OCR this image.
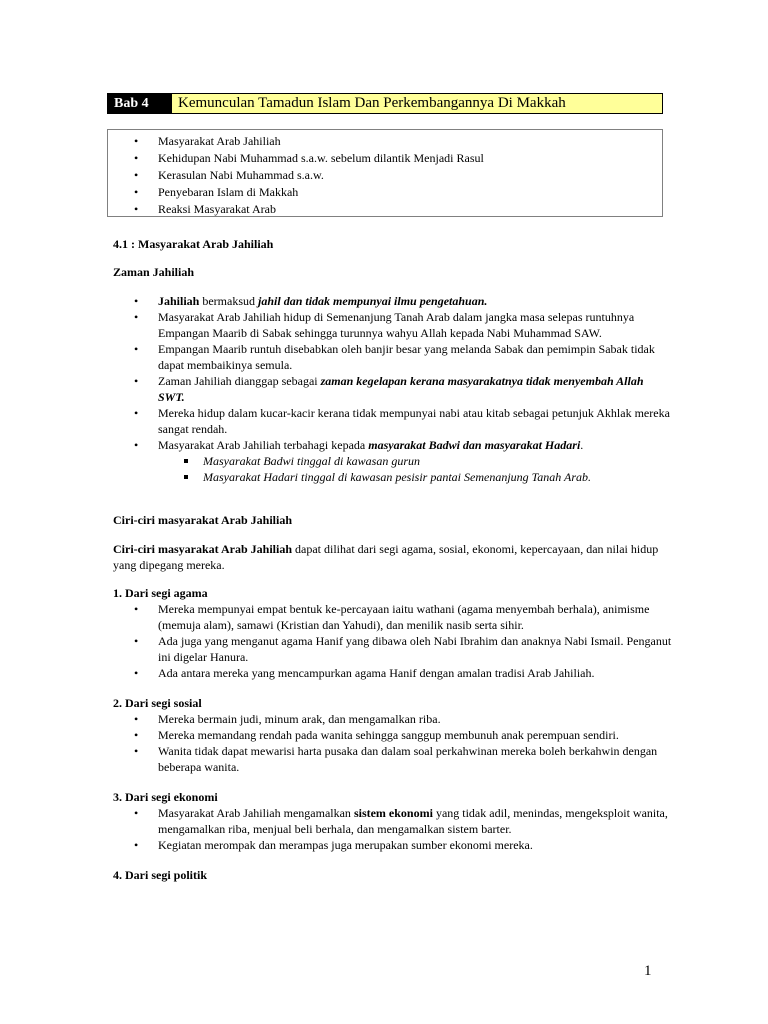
Bab 4	Kemunculan Tamadun Islam Dan Perkembangannya Di Makkah
• Masyarakat Arab Jahiliah
• Kehidupan Nabi Muhammad s.a.w. sebelum dilantik Menjadi Rasul
• Kerasulan Nabi Muhammad s.a.w.
• Penyebaran Islam di Makkah
• Reaksi Masyarakat Arab
4.1 : Masyarakat Arab Jahiliah
Zaman Jahiliah
• Jahiliah bermaksud jahil dan tidak mempunyai ilmu pengetahuan.
• Masyarakat Arab Jahiliah hidup di Semenanjung Tanah Arab dalam jangka masa selepas runtuhnya Empangan Maarib di Sabak sehingga turunnya wahyu Allah kepada Nabi Muhammad SAW.
• Empangan Maarib runtuh disebabkan oleh banjir besar yang melanda Sabak dan pemimpin Sabak tidak dapat membaikinya semula.
• Zaman Jahiliah dianggap sebagai zaman kegelapan kerana masyarakatnya tidak menyembah Allah SWT.
• Mereka hidup dalam kucar-kacir kerana tidak mempunyai nabi atau kitab sebagai petunjuk Akhlak mereka sangat rendah.
• Masyarakat Arab Jahiliah terbahagi kepada masyarakat Badwi dan masyarakat Hadari.
Masyarakat Badwi tinggal di kawasan gurun
Masyarakat Hadari tinggal di kawasan pesisir pantai Semenanjung Tanah Arab.
Ciri-ciri masyarakat Arab Jahiliah

Ciri-ciri masyarakat Arab Jahiliah dapat dilihat dari segi agama, sosial, ekonomi, kepercayaan, dan nilai hidup yang dipegang mereka.

1. Dari segi agama
• Mereka mempunyai empat bentuk ke-percayaan iaitu wathani (agama menyembah berhala), animisme (memuja alam), samawi (Kristian dan Yahudi), dan menilik nasib serta sihir.
• Ada juga yang menganut agama Hanif yang dibawa oleh Nabi Ibrahim dan anaknya Nabi Ismail. Penganut ini digelar Hanura.
• Ada antara mereka yang mencampurkan agama Hanif dengan amalan tradisi Arab Jahiliah.
2. Dari segi sosial
• Mereka bermain judi, minum arak, dan mengamalkan riba.
• Mereka memandang rendah pada wanita sehingga sanggup membunuh anak perempuan sendiri.
• Wanita tidak dapat mewarisi harta pusaka dan dalam soal perkahwinan mereka boleh berkahwin dengan beberapa wanita.
3. Dari segi ekonomi
• Masyarakat Arab Jahiliah mengamalkan sistem ekonomi yang tidak adil, menindas, mengeksploit wanita, mengamalkan riba, menjual beli berhala, dan mengamalkan sistem barter.
• Kegiatan merompak dan merampas juga merupakan sumber ekonomi mereka.
4. Dari segi politik
1
